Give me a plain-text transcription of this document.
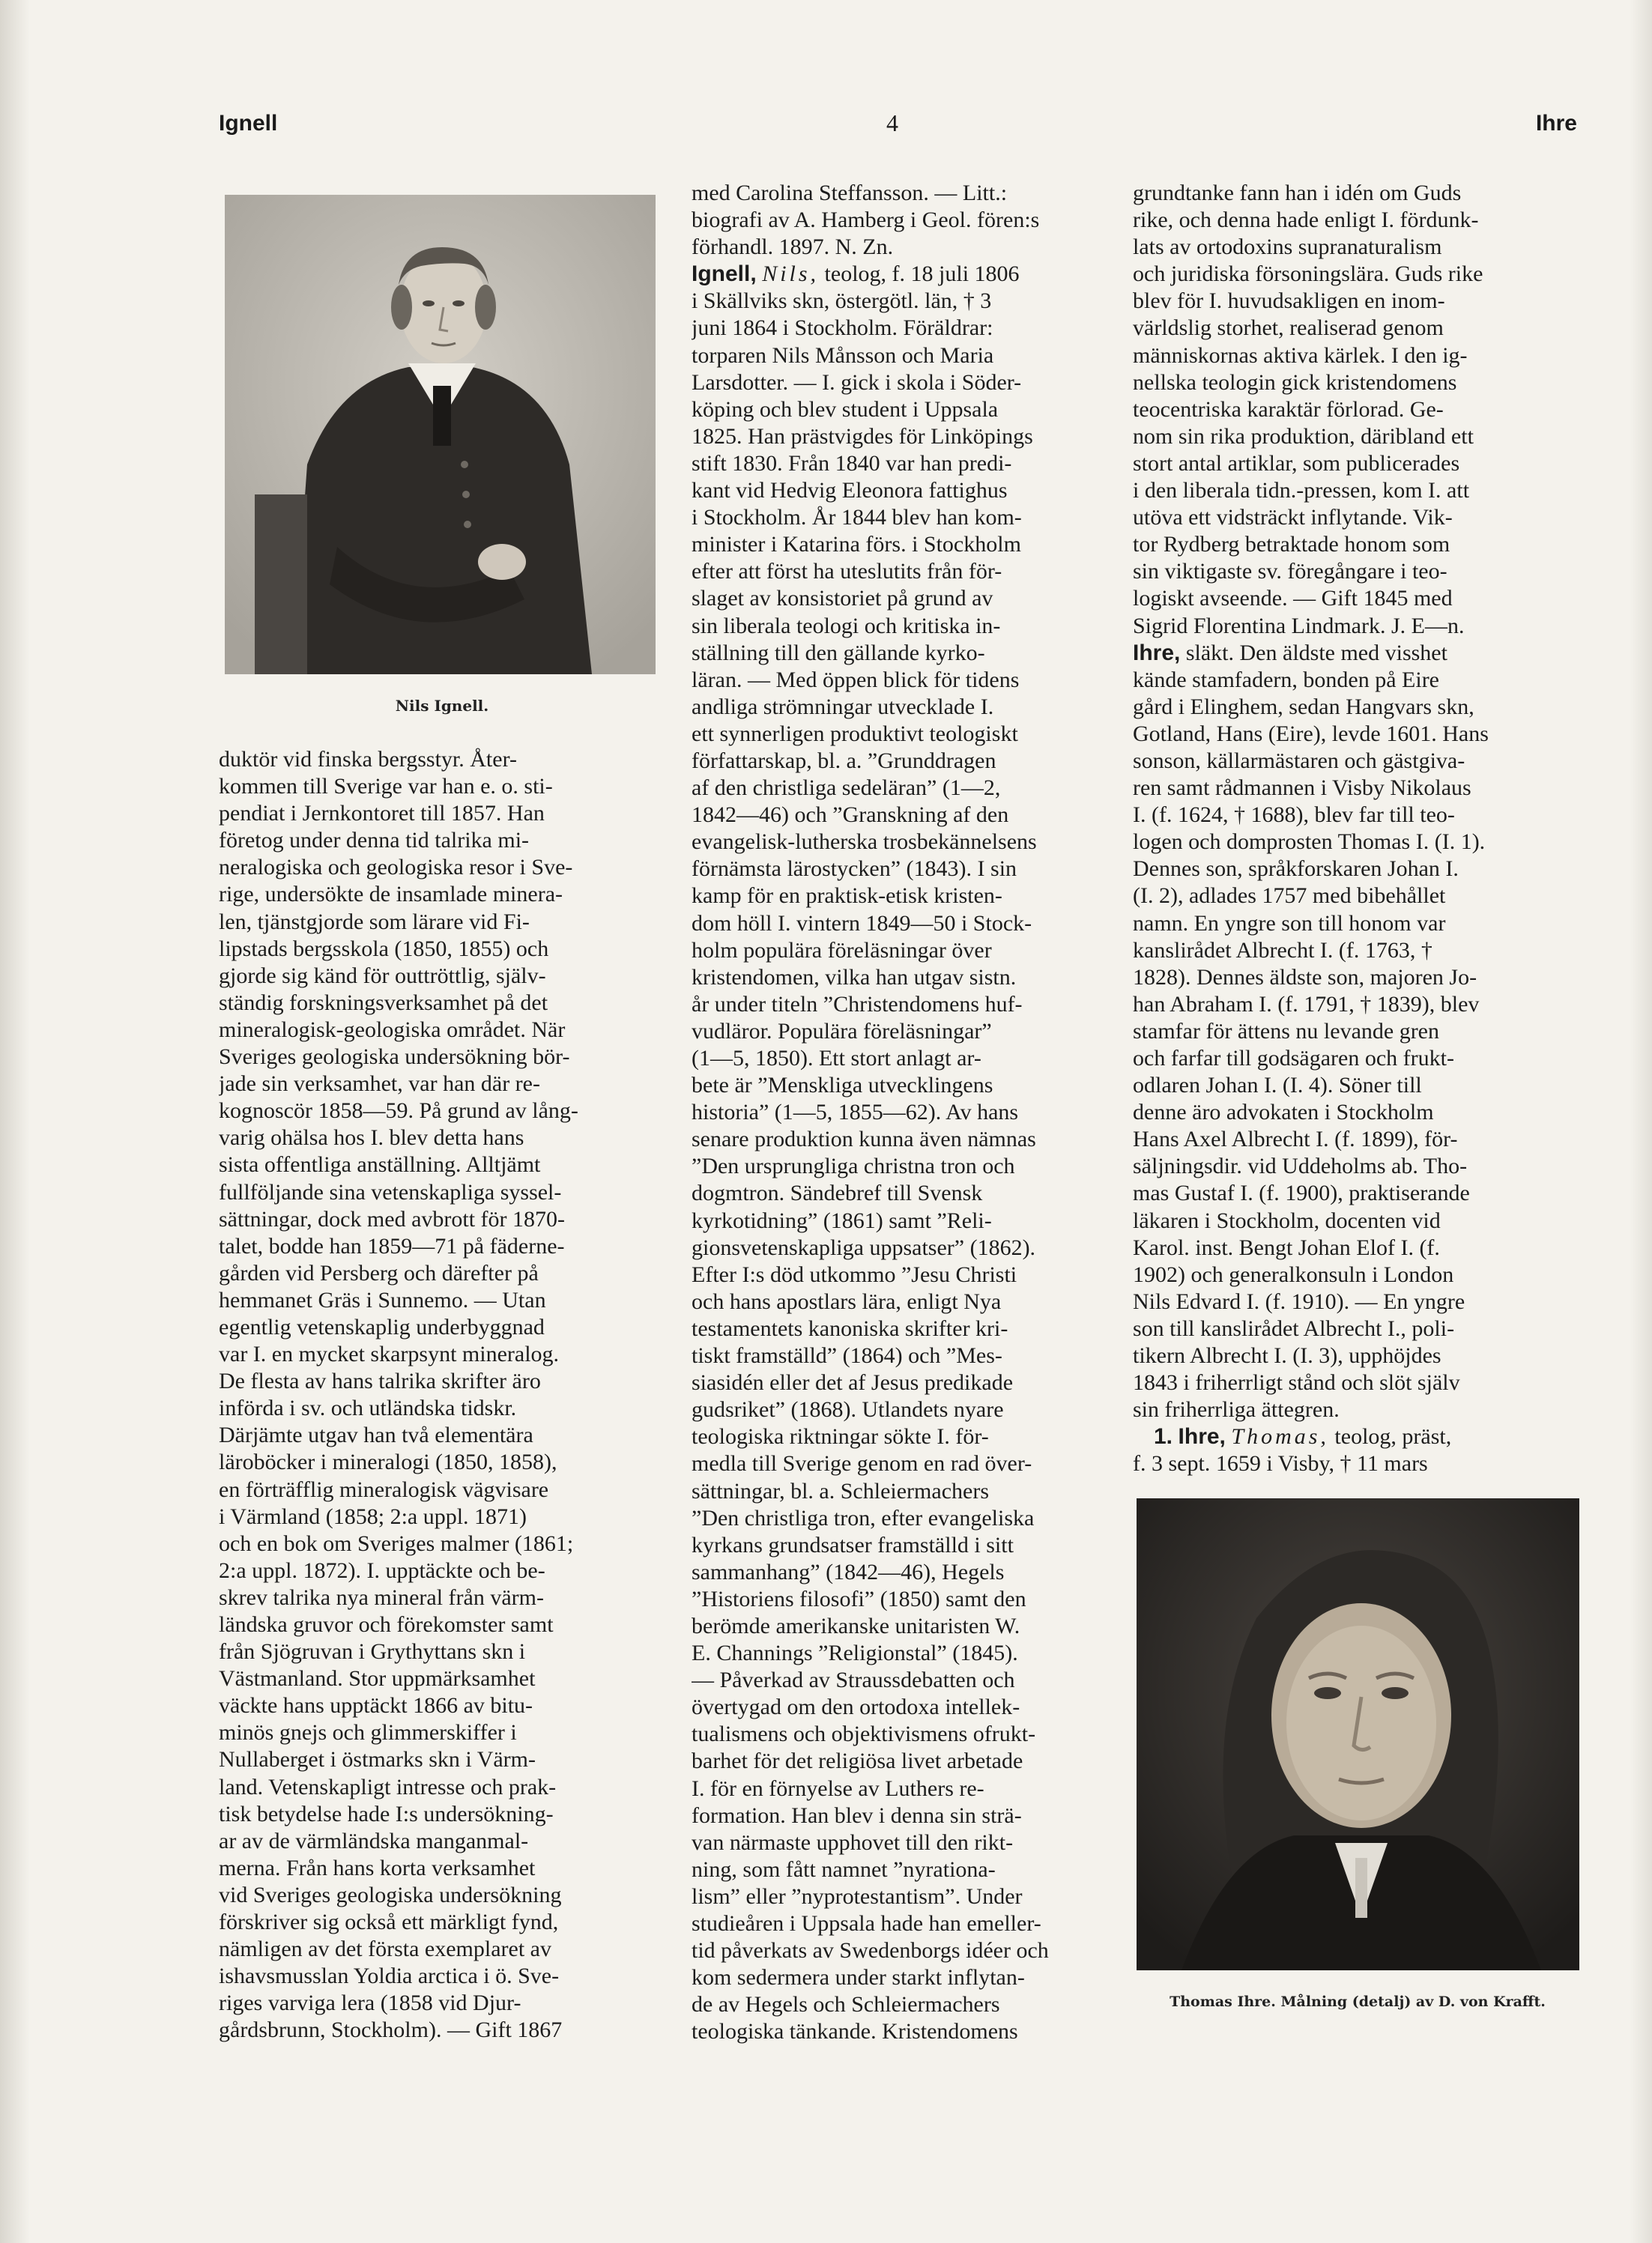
Ignell	4	Ihre
Nils Ignell.
duktör vid finska bergsstyr. Åter-
kommen till Sverige var han e. o. sti-
pendiat i Jernkontoret till 1857. Han
företog under denna tid talrika mi-
neralogiska och geologiska resor i Sve-
rige, undersökte de insamlade minera-
len, tjänstgjorde som lärare vid Fi-
lipstads bergsskola (1850, 1855) och
gjorde sig känd för outtröttlig, själv-
ständig forskningsverksamhet på det
mineralogisk-geologiska området. När
Sveriges geologiska undersökning bör-
jade sin verksamhet, var han där re-
kognoscör 1858—59. På grund av lång-
varig ohälsa hos I. blev detta hans
sista offentliga anställning. Alltjämt
fullföljande sina vetenskapliga syssel-
sättningar, dock med avbrott för 1870-
talet, bodde han 1859—71 på fäderne-
gården vid Persberg och därefter på
hemmanet Gräs i Sunnemo. — Utan
egentlig vetenskaplig underbyggnad
var I. en mycket skarpsynt mineralog.
De flesta av hans talrika skrifter äro
införda i sv. och utländska tidskr.
Därjämte utgav han två elementära
läroböcker i mineralogi (1850, 1858),
en förträfflig mineralogisk vägvisare
i Värmland (1858; 2:a uppl. 1871)
och en bok om Sveriges malmer (1861;
2:a uppl. 1872). I. upptäckte och be-
skrev talrika nya mineral från värm-
ländska gruvor och förekomster samt
från Sjögruvan i Grythyttans skn i
Västmanland. Stor uppmärksamhet
väckte hans upptäckt 1866 av bitu-
minös gnejs och glimmerskiffer i
Nullaberget i östmarks skn i Värm-
land. Vetenskapligt intresse och prak-
tisk betydelse hade I:s undersökning-
ar av de värmländska manganmal-
merna. Från hans korta verksamhet
vid Sveriges geologiska undersökning
förskriver sig också ett märkligt fynd,
nämligen av det första exemplaret av
ishavsmusslan Yoldia arctica i ö. Sve-
riges varviga lera (1858 vid Djur-
gårdsbrunn, Stockholm). — Gift 1867
med Carolina Steffansson. — Litt.:
biografi av A. Hamberg i Geol. fören:s
förhandl. 1897. N. Zn.
Ignell, Nils, teolog, f. 18 juli 1806
i Skällviks skn, östergötl. län, † 3
juni 1864 i Stockholm. Föräldrar:
torparen Nils Månsson och Maria
Larsdotter. — I. gick i skola i Söder-
köping och blev student i Uppsala
1825. Han prästvigdes för Linköpings
stift 1830. Från 1840 var han predi-
kant vid Hedvig Eleonora fattighus
i Stockholm. År 1844 blev han kom-
minister i Katarina förs. i Stockholm
efter att först ha uteslutits från för-
slaget av konsistoriet på grund av
sin liberala teologi och kritiska in-
ställning till den gällande kyrko-
läran. — Med öppen blick för tidens
andliga strömningar utvecklade I.
ett synnerligen produktivt teologiskt
författarskap, bl. a. ”Grunddragen
af den christliga sedeläran” (1—2,
1842—46) och ”Granskning af den
evangelisk-lutherska trosbekännelsens
förnämsta lärostycken” (1843). I sin
kamp för en praktisk-etisk kristen-
dom höll I. vintern 1849—50 i Stock-
holm populära föreläsningar över
kristendomen, vilka han utgav sistn.
år under titeln ”Christendomens huf-
vudläror. Populära föreläsningar”
(1—5, 1850). Ett stort anlagt ar-
bete är ”Menskliga utvecklingens
historia” (1—5, 1855—62). Av hans
senare produktion kunna även nämnas
”Den ursprungliga christna tron och
dogmtron. Sändebref till Svensk
kyrkotidning” (1861) samt ”Reli-
gionsvetenskapliga uppsatser” (1862).
Efter I:s död utkommo ”Jesu Christi
och hans apostlars lära, enligt Nya
testamentets kanoniska skrifter kri-
tiskt framställd” (1864) och ”Mes-
siasidén eller det af Jesus predikade
gudsriket” (1868). Utlandets nyare
teologiska riktningar sökte I. för-
medla till Sverige genom en rad över-
sättningar, bl. a. Schleiermachers
”Den christliga tron, efter evangeliska
kyrkans grundsatser framställd i sitt
sammanhang” (1842—46), Hegels
”Historiens filosofi” (1850) samt den
berömde amerikanske unitaristen W.
E. Channings ”Religionstal” (1845).
— Påverkad av Straussdebatten och
övertygad om den ortodoxa intellek-
tualismens och objektivismens ofrukt-
barhet för det religiösa livet arbetade
I. för en förnyelse av Luthers re-
formation. Han blev i denna sin strä-
van närmaste upphovet till den rikt-
ning, som fått namnet ”nyrationa-
lism” eller ”nyprotestantism”. Under
studieåren i Uppsala hade han emeller-
tid påverkats av Swedenborgs idéer och
kom sedermera under starkt inflytan-
de av Hegels och Schleiermachers
teologiska tänkande. Kristendomens
grundtanke fann han i idén om Guds
rike, och denna hade enligt I. fördunk-
lats av ortodoxins supranaturalism
och juridiska försoningslära. Guds rike
blev för I. huvudsakligen en inom-
världslig storhet, realiserad genom
människornas aktiva kärlek. I den ig-
nellska teologin gick kristendomens
teocentriska karaktär förlorad. Ge-
nom sin rika produktion, däribland ett
stort antal artiklar, som publicerades
i den liberala tidn.-pressen, kom I. att
utöva ett vidsträckt inflytande. Vik-
tor Rydberg betraktade honom som
sin viktigaste sv. föregångare i teo-
logiskt avseende. — Gift 1845 med
Sigrid Florentina Lindmark. J. E—n.
Ihre, släkt. Den äldste med visshet
kände stamfadern, bonden på Eire
gård i Elinghem, sedan Hangvars skn,
Gotland, Hans (Eire), levde 1601. Hans
sonson, källarmästaren och gästgiva-
ren samt rådmannen i Visby Nikolaus
I. (f. 1624, † 1688), blev far till teo-
logen och domprosten Thomas I. (I. 1).
Dennes son, språkforskaren Johan I.
(I. 2), adlades 1757 med bibehållet
namn. En yngre son till honom var
kanslirådet Albrecht I. (f. 1763, †
1828). Dennes äldste son, majoren Jo-
han Abraham I. (f. 1791, † 1839), blev
stamfar för ättens nu levande gren
och farfar till godsägaren och frukt-
odlaren Johan I. (I. 4). Söner till
denne äro advokaten i Stockholm
Hans Axel Albrecht I. (f. 1899), för-
säljningsdir. vid Uddeholms ab. Tho-
mas Gustaf I. (f. 1900), praktiserande
läkaren i Stockholm, docenten vid
Karol. inst. Bengt Johan Elof I. (f.
1902) och generalkonsuln i London
Nils Edvard I. (f. 1910). — En yngre
son till kanslirådet Albrecht I., poli-
tikern Albrecht I. (I. 3), upphöjdes
1843 i friherrligt stånd och slöt själv
sin friherrliga ättegren.
1. Ihre, Thomas, teolog, präst,
f. 3 sept. 1659 i Visby, † 11 mars
Thomas Ihre. Målning (detalj) av D. von Krafft.
